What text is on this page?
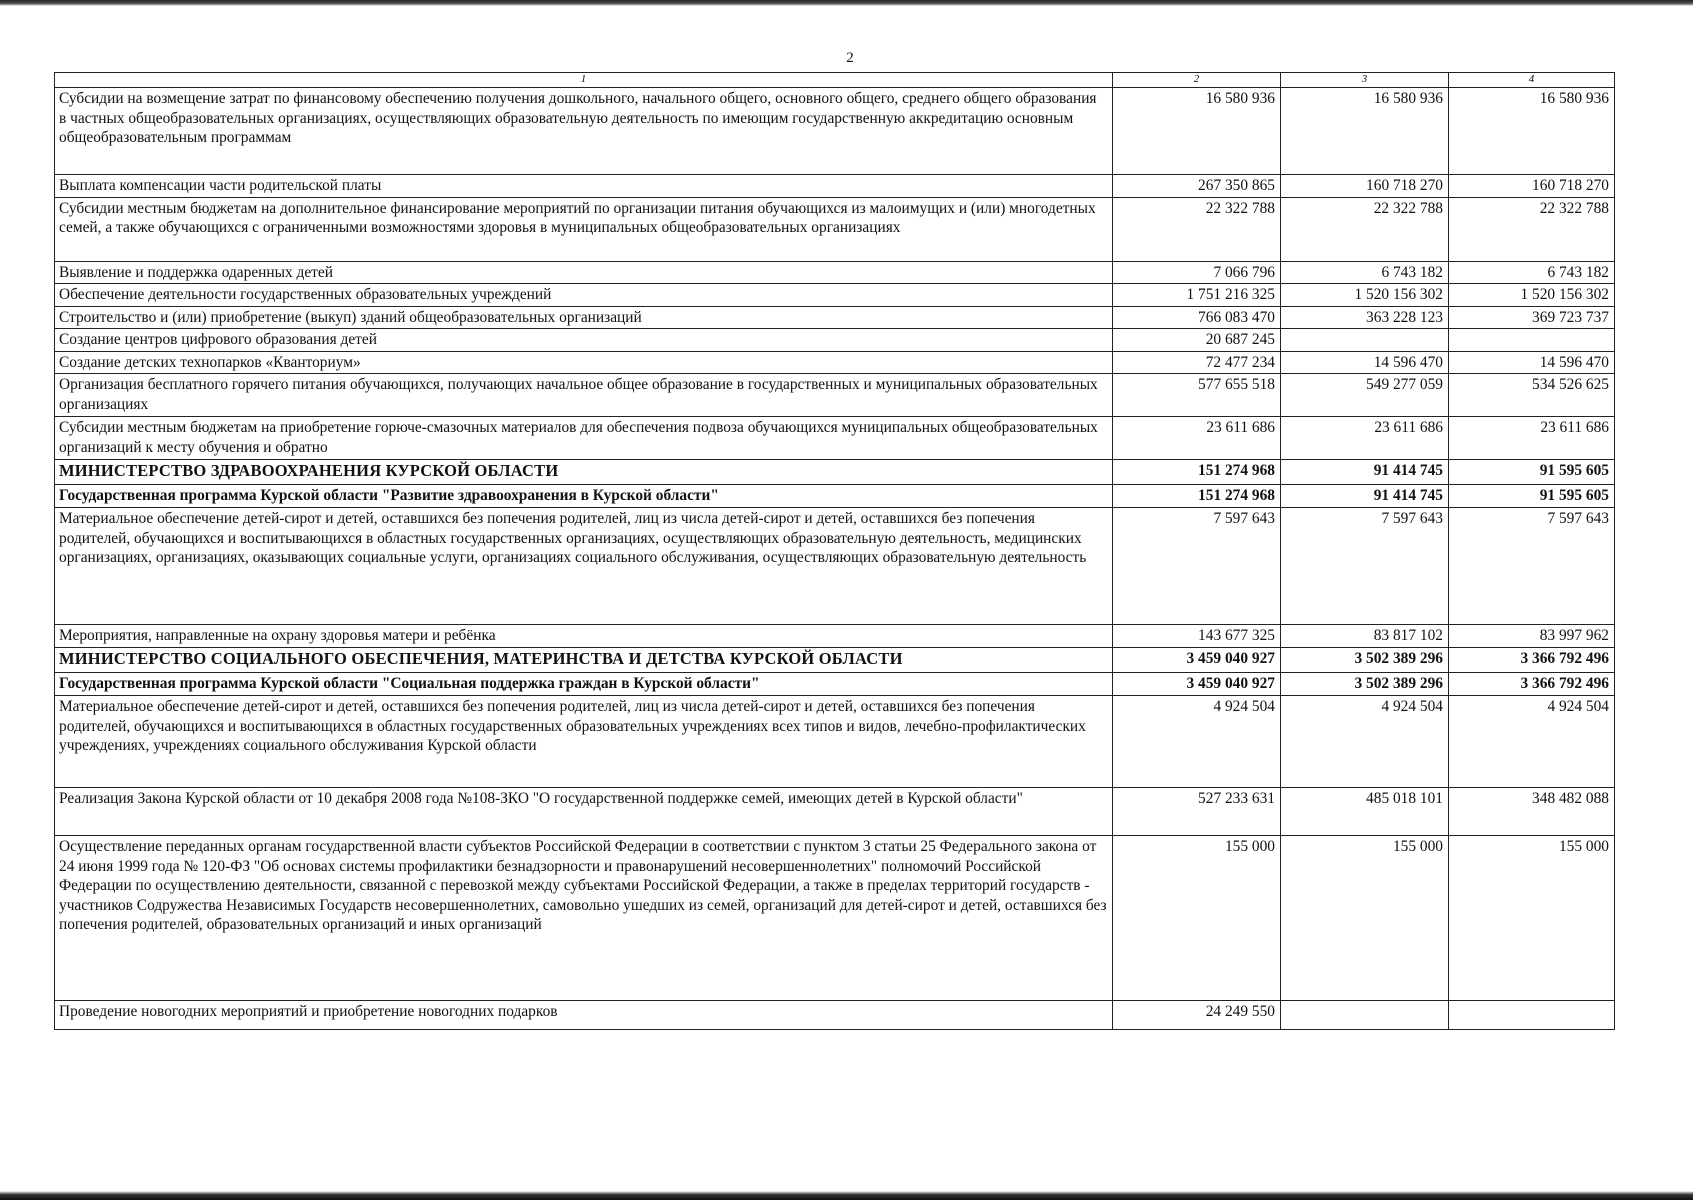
2
1	2	3	4
Субсидии на возмещение затрат по финансовому обеспечению получения дошкольного, начального общего, основного общего, среднего общего образования в частных общеобразовательных организациях, осуществляющих образовательную деятельность по имеющим государственную аккредитацию основным общеобразовательным программам	16 580 936	16 580 936	16 580 936
Выплата компенсации части родительской платы	267 350 865	160 718 270	160 718 270
Субсидии местным бюджетам на дополнительное финансирование мероприятий по организации питания обучающихся из малоимущих и (или) многодетных семей, а также обучающихся с ограниченными возможностями здоровья в муниципальных общеобразовательных организациях	22 322 788	22 322 788	22 322 788
Выявление и поддержка одаренных детей	7 066 796	6 743 182	6 743 182
Обеспечение деятельности государственных образовательных учреждений	1 751 216 325	1 520 156 302	1 520 156 302
Строительство и (или) приобретение (выкуп) зданий общеобразовательных организаций	766 083 470	363 228 123	369 723 737
Создание центров цифрового образования детей	20 687 245		
Создание детских технопарков «Кванториум»	72 477 234	14 596 470	14 596 470
Организация бесплатного горячего питания обучающихся, получающих начальное общее образование в государственных и муниципальных образовательных организациях	577 655 518	549 277 059	534 526 625
Субсидии местным бюджетам на приобретение горюче-смазочных материалов для обеспечения подвоза обучающихся муниципальных общеобразовательных организаций к месту обучения и обратно	23 611 686	23 611 686	23 611 686
МИНИСТЕРСТВО ЗДРАВООХРАНЕНИЯ КУРСКОЙ ОБЛАСТИ	151 274 968	91 414 745	91 595 605
Государственная программа Курской области "Развитие здравоохранения в Курской области"	151 274 968	91 414 745	91 595 605
Материальное обеспечение детей-сирот и детей, оставшихся без попечения родителей, лиц из числа детей-сирот и детей, оставшихся без попечения родителей, обучающихся и воспитывающихся в областных государственных организациях, осуществляющих образовательную деятельность, медицинских организациях, организациях, оказывающих социальные услуги, организациях социального обслуживания, осуществляющих образовательную деятельность	7 597 643	7 597 643	7 597 643
Мероприятия, направленные на охрану здоровья матери и ребёнка	143 677 325	83 817 102	83 997 962
МИНИСТЕРСТВО СОЦИАЛЬНОГО ОБЕСПЕЧЕНИЯ, МАТЕРИНСТВА И ДЕТСТВА КУРСКОЙ ОБЛАСТИ	3 459 040 927	3 502 389 296	3 366 792 496
Государственная программа Курской области "Социальная поддержка граждан в Курской области"	3 459 040 927	3 502 389 296	3 366 792 496
Материальное обеспечение детей-сирот и детей, оставшихся без попечения родителей, лиц из числа детей-сирот и детей, оставшихся без попечения родителей, обучающихся и воспитывающихся в областных государственных образовательных учреждениях всех типов и видов, лечебно-профилактических учреждениях, учреждениях социального обслуживания Курской области	4 924 504	4 924 504	4 924 504
Реализация Закона Курской области от 10 декабря 2008 года №108-ЗКО "О государственной поддержке семей, имеющих детей в Курской области"	527 233 631	485 018 101	348 482 088
Осуществление переданных органам государственной власти субъектов Российской Федерации в соответствии с пунктом 3 статьи 25 Федерального закона от 24 июня 1999 года № 120-ФЗ "Об основах системы профилактики безнадзорности и правонарушений несовершеннолетних" полномочий Российской Федерации по осуществлению деятельности, связанной с перевозкой между субъектами Российской Федерации, а также в пределах территорий государств - участников Содружества Независимых Государств несовершеннолетних, самовольно ушедших из семей, организаций для детей-сирот и детей, оставшихся без попечения родителей, образовательных организаций и иных организаций	155 000	155 000	155 000
Проведение новогодних мероприятий и приобретение новогодних подарков	24 249 550		
